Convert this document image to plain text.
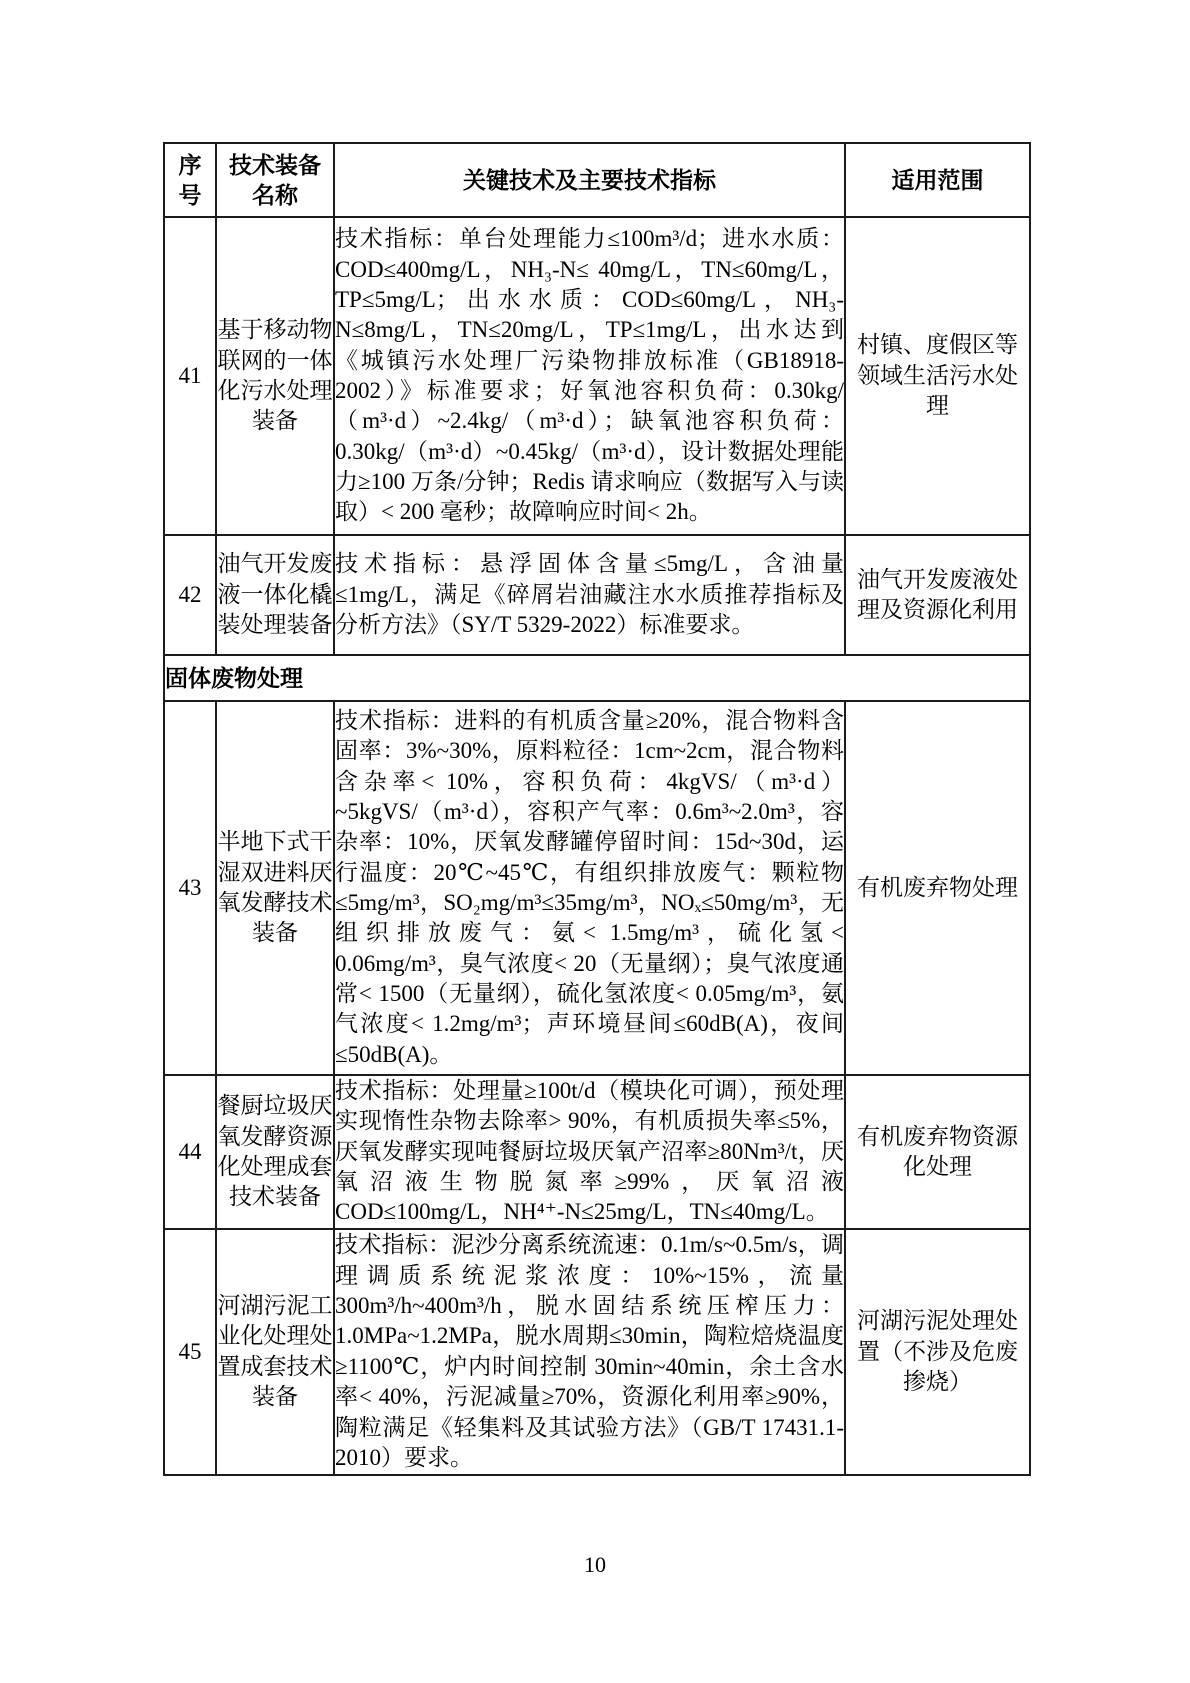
序号	技术装备名称	关键技术及主要技术指标	适用范围
41	基于移动物联网的一体化污水处理装备	技术指标：单台处理能力≤100m³/d；进水水质：COD≤400mg/L，NH₃-N≤ 40mg/L，TN≤60mg/L，TP≤5mg/L；出水水质：COD≤60mg/L，NH₃-N≤8mg/L，TN≤20mg/L，TP≤1mg/L，出水达到《城镇污水处理厂污染物排放标准（GB18918-2002）》标准要求；好氧池容积负荷：0.30kg/（m³·d）~2.4kg/（m³·d）；缺氧池容积负荷：0.30kg/（m³·d）~0.45kg/（m³·d），设计数据处理能力≥100 万条/分钟；Redis 请求响应（数据写入与读取）< 200 毫秒；故障响应时间< 2h。	村镇、度假区等领域生活污水处理
42	油气开发废液一体化橇装处理装备	技术指标：悬浮固体含量≤5mg/L，含油量≤1mg/L，满足《碎屑岩油藏注水水质推荐指标及分析方法》（SY/T 5329-2022）标准要求。	油气开发废液处理及资源化利用
固体废物处理			
43	半地下式干湿双进料厌氧发酵技术装备	技术指标：进料的有机质含量≥20%，混合物料含固率：3%~30%，原料粒径：1cm~2cm，混合物料含杂率< 10%，容积负荷：4kgVS/（m³·d）~5kgVS/（m³·d），容积产气率：0.6m³~2.0m³，容杂率：10%，厌氧发酵罐停留时间：15d~30d，运行温度：20℃~45℃，有组织排放废气：颗粒物≤5mg/m³，SO₂mg/m³≤35mg/m³，NOₓ≤50mg/m³，无组织排放废气：氨< 1.5mg/m³，硫化氢< 0.06mg/m³，臭气浓度< 20（无量纲）；臭气浓度通常< 1500（无量纲），硫化氢浓度< 0.05mg/m³，氨气浓度< 1.2mg/m³；声环境昼间≤60dB(A)，夜间≤50dB(A)。	有机废弃物处理
44	餐厨垃圾厌氧发酵资源化处理成套技术装备	技术指标：处理量≥100t/d（模块化可调），预处理实现惰性杂物去除率> 90%，有机质损失率≤5%，厌氧发酵实现吨餐厨垃圾厌氧产沼率≥80Nm³/t，厌氧沼液生物脱氮率≥99%，厌氧沼液COD≤100mg/L，NH⁴⁺-N≤25mg/L，TN≤40mg/L。	有机废弃物资源化处理
45	河湖污泥工业化处理处置成套技术装备	技术指标：泥沙分离系统流速：0.1m/s~0.5m/s，调理调质系统泥浆浓度：10%~15%，流量300m³/h~400m³/h，脱水固结系统压榨压力：1.0MPa~1.2MPa，脱水周期≤30min，陶粒焙烧温度≥1100℃，炉内时间控制 30min~40min，余土含水率< 40%，污泥减量≥70%，资源化利用率≥90%，陶粒满足《轻集料及其试验方法》（GB/T 17431.1-2010）要求。	河湖污泥处理处置（不涉及危废掺烧）
10
